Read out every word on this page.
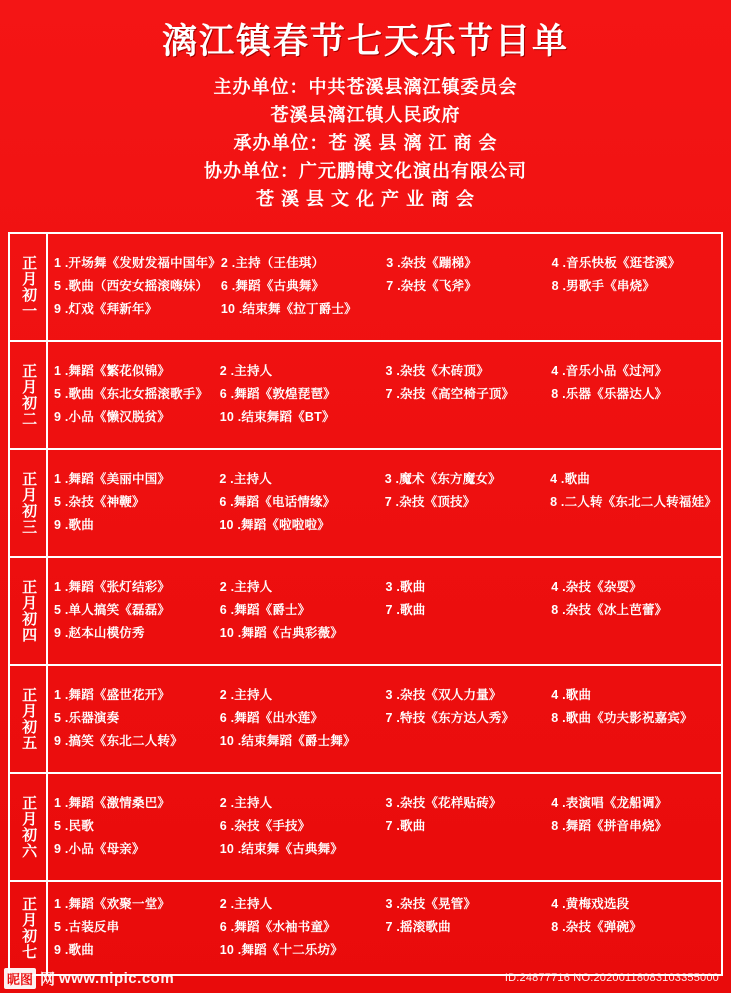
漓江镇春节七天乐节目单
主办单位：中共苍溪县漓江镇委员会
苍溪县漓江镇人民政府
承办单位：苍 溪 县 漓 江 商 会
协办单位：广元鹏博文化演出有限公司
苍 溪 县 文 化 产 业 商 会
正月初一 1 .开场舞《发财发福中国年》 2 .主持（王佳琪）	3 .杂技《蹦梯》	4 .音乐快板《逛苍溪》
5 .歌曲（西安女摇滚嗨妹）	6 .舞蹈《古典舞》	7 .杂技《飞斧》	8 .男歌手《串烧》
9 .灯戏《拜新年》	10 .结束舞《拉丁爵士》
正月初二 1 .舞蹈《繁花似锦》	2 .主持人	3 .杂技《木砖顶》	4 .音乐小品《过河》
5 .歌曲《东北女摇滚歌手》 6 .舞蹈《敦煌琵琶》	7 .杂技《高空椅子顶》	8 .乐器《乐器达人》
9 .小品《懒汉脱贫》	10 .结束舞蹈《BT》
正月初三 1 .舞蹈《美丽中国》	2 .主持人	3 .魔术《东方魔女》	4 .歌曲
5 .杂技《神鞭》	6 .舞蹈《电话情缘》	7 .杂技《顶技》	8 .二人转《东北二人转福娃》
9 .歌曲	10 .舞蹈《啦啦啦》
正月初四 1 .舞蹈《张灯结彩》	2 .主持人	3 .歌曲	4 .杂技《杂耍》
5 .单人搞笑《磊磊》	6 .舞蹈《爵士》	7 .歌曲	8 .杂技《冰上芭蕾》
9 .赵本山模仿秀	10 .舞蹈《古典彩薇》
正月初五 1 .舞蹈《盛世花开》	2 .主持人	3 .杂技《双人力量》	4 .歌曲
5 .乐器演奏	6 .舞蹈《出水莲》	7 .特技《东方达人秀》	8 .歌曲《功夫影祝嘉宾》
9 .搞笑《东北二人转》	10 .结束舞蹈《爵士舞》
正月初六 1 .舞蹈《激情桑巴》	2 .主持人	3 .杂技《花样贴砖》	4 .表演唱《龙船调》
5 .民歌	6 .杂技《手技》	7 .歌曲	8 .舞蹈《拼音串烧》
9 .小品《母亲》	10 .结束舞《古典舞》
正月初七 1 .舞蹈《欢聚一堂》	2 .主持人	3 .杂技《晃管》	4 .黄梅戏选段
5 .古装反串	6 .舞蹈《水袖书童》	7 .摇滚歌曲	8 .杂技《弹碗》
9 .歌曲	10 .舞蹈《十二乐坊》
昵图 网 www.nipic.com	ID:24877716 NO:20200118083103355000
